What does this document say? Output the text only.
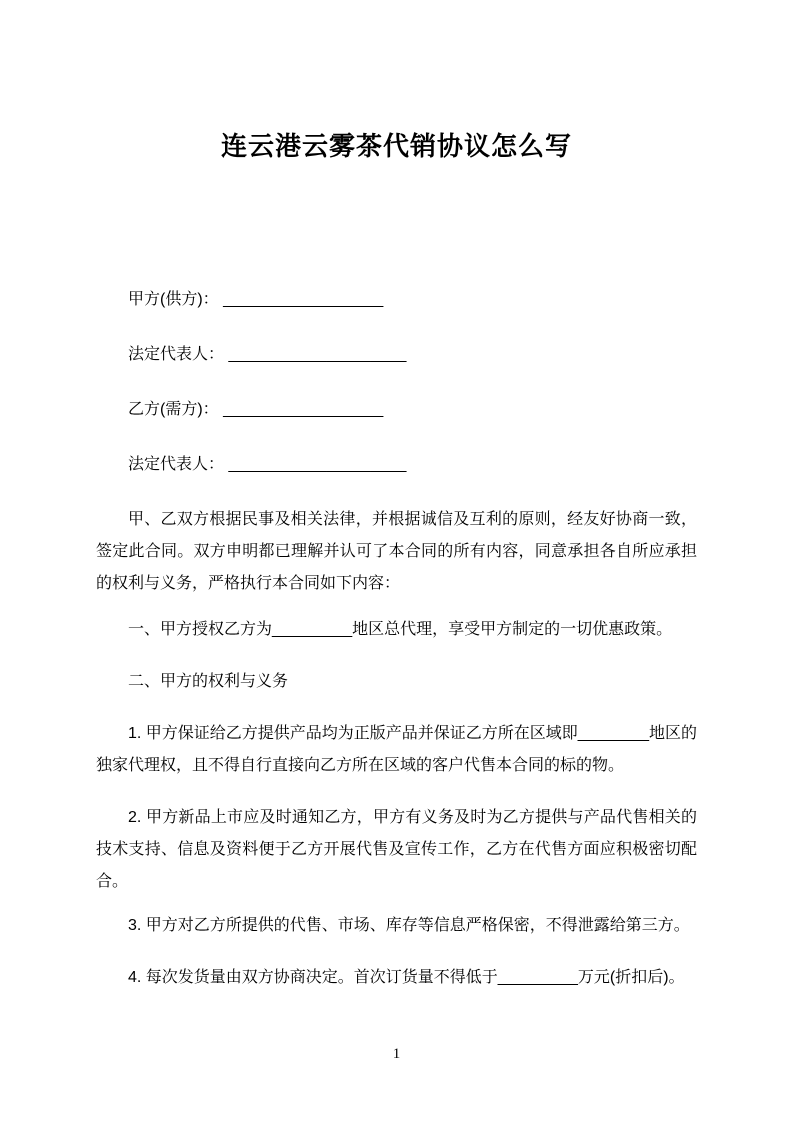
连云港云雾茶代销协议怎么写

甲方(供方)： __________________

法定代表人： ____________________

乙方(需方)： __________________

法定代表人： ____________________

甲、乙双方根据民事及相关法律，并根据诚信及互利的原则，经友好协商一致，签定此合同。双方申明都已理解并认可了本合同的所有内容，同意承担各自所应承担的权利与义务，严格执行本合同如下内容：

一、甲方授权乙方为_________地区总代理，享受甲方制定的一切优惠政策。

二、甲方的权利与义务

1. 甲方保证给乙方提供产品均为正版产品并保证乙方所在区域即________地区的独家代理权，且不得自行直接向乙方所在区域的客户代售本合同的标的物。

2. 甲方新品上市应及时通知乙方，甲方有义务及时为乙方提供与产品代售相关的技术支持、信息及资料便于乙方开展代售及宣传工作，乙方在代售方面应积极密切配合。

3. 甲方对乙方所提供的代售、市场、库存等信息严格保密，不得泄露给第三方。

4. 每次发货量由双方协商决定。首次订货量不得低于_________万元(折扣后)。

1
